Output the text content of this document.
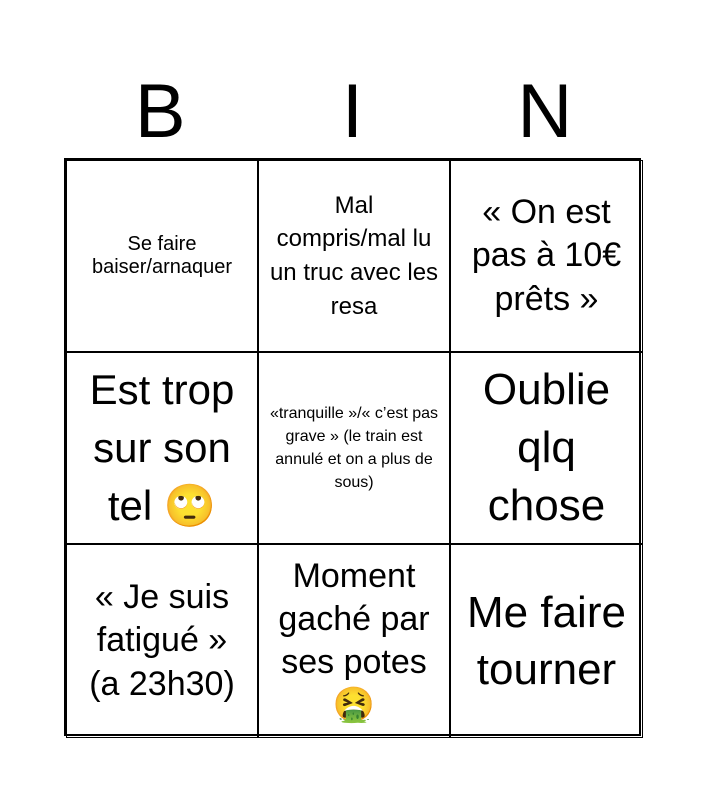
B	I	N
Se faire baiser/arnaquer
Mal compris/mal lu un truc avec les resa
« On est pas à 10€ prêts »
Est trop sur son tel 🙄
«tranquille »/« c’est pas grave » (le train est annulé et on a plus de sous)
Oublie qlq chose
« Je suis fatigué » (a 23h30)
Moment gaché par ses potes 🤮
Me faire tourner
